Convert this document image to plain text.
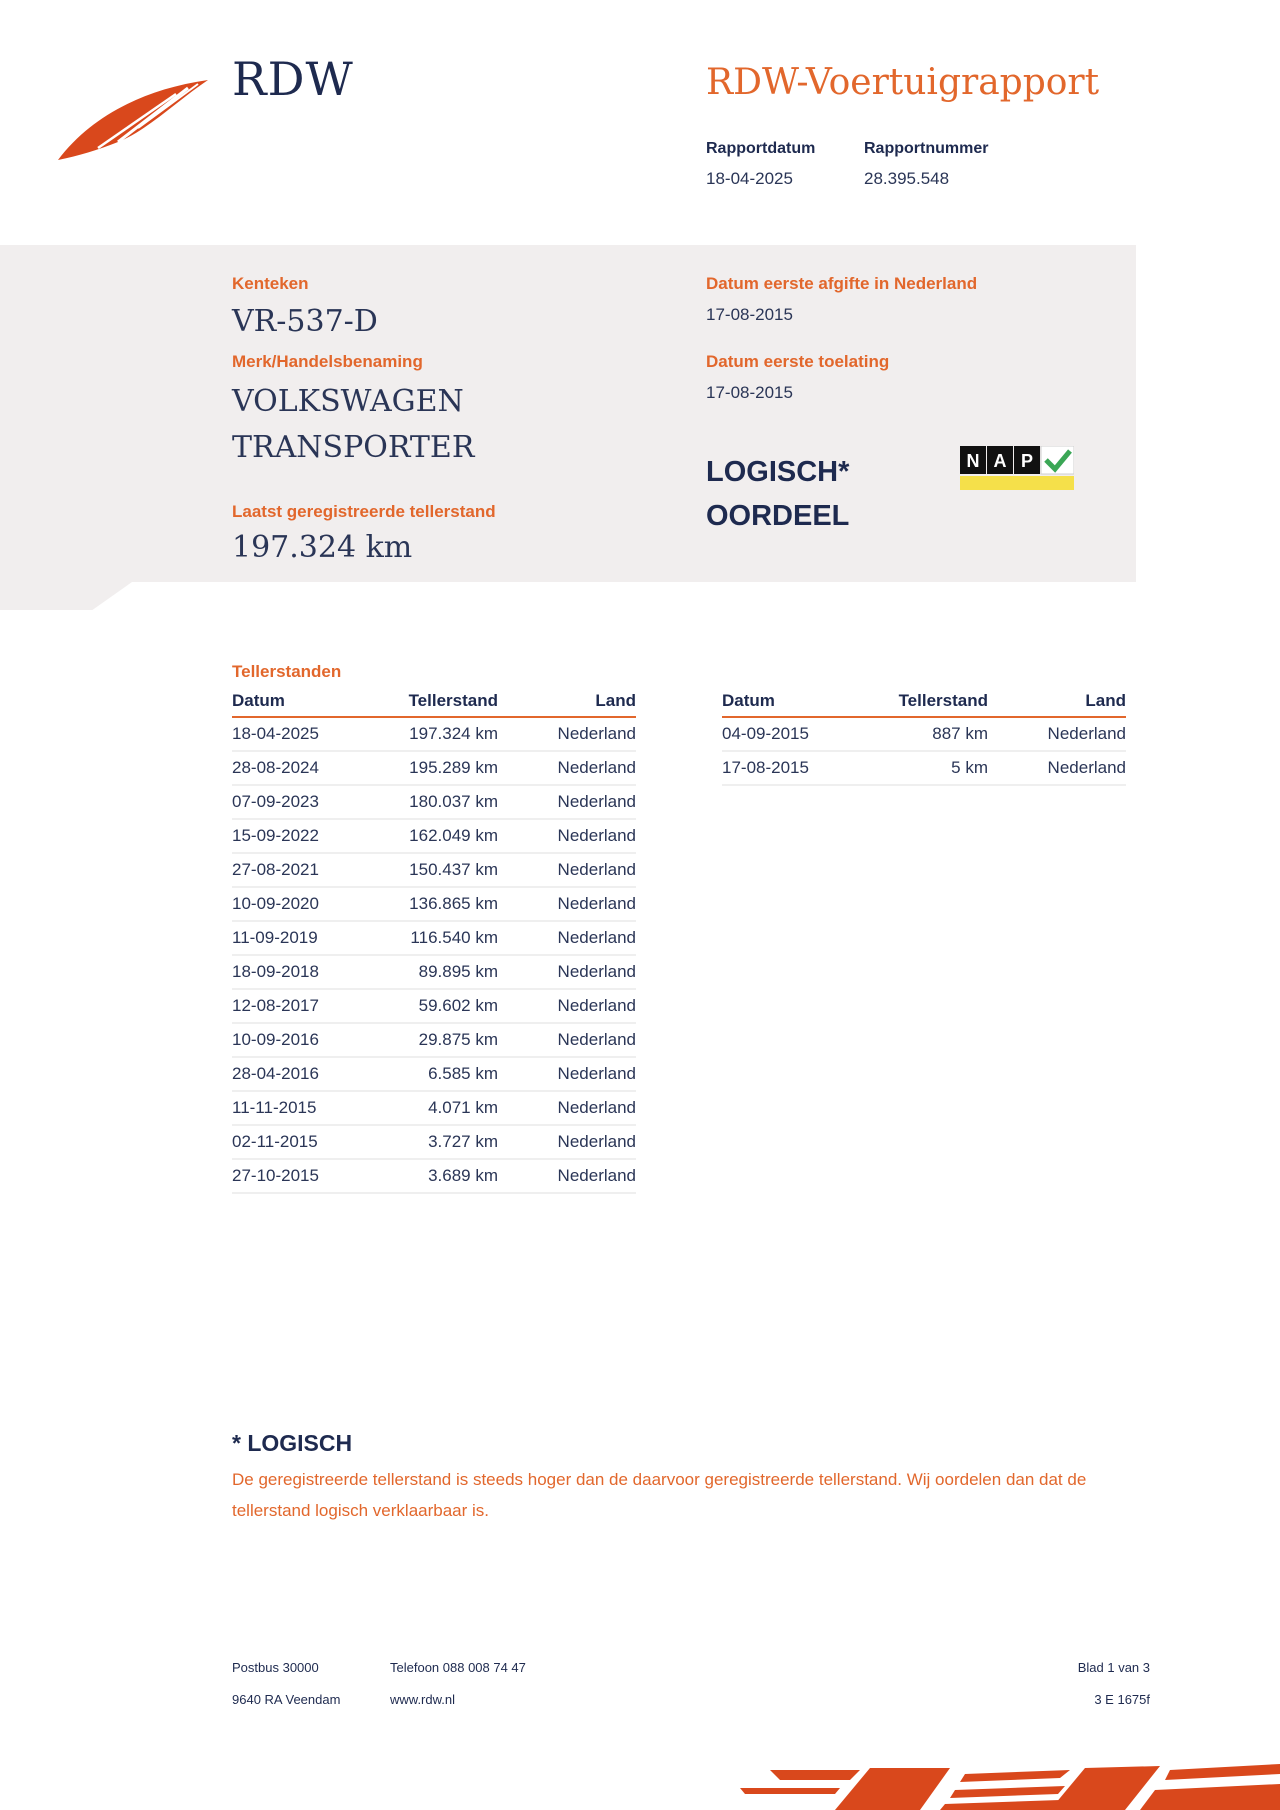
RDW	RDW-Voertuigrapport
Rapportdatum
18-04-2025
Rapportnummer
28.395.548
Kenteken
VR-537-D
Merk/Handelsbenaming
VOLKSWAGEN
TRANSPORTER
Laatst geregistreerde tellerstand
197.324 km
Datum eerste afgifte in Nederland
17-08-2015
Datum eerste toelating
17-08-2015
LOGISCH*
OORDEEL
N A P
Tellerstanden
Datum	Tellerstand	Land
18-04-2025	197.324 km	Nederland
28-08-2024	195.289 km	Nederland
07-09-2023	180.037 km	Nederland
15-09-2022	162.049 km	Nederland
27-08-2021	150.437 km	Nederland
10-09-2020	136.865 km	Nederland
11-09-2019	116.540 km	Nederland
18-09-2018	89.895 km	Nederland
12-08-2017	59.602 km	Nederland
10-09-2016	29.875 km	Nederland
28-04-2016	6.585 km	Nederland
11-11-2015	4.071 km	Nederland
02-11-2015	3.727 km	Nederland
27-10-2015	3.689 km	Nederland
Datum	Tellerstand	Land
04-09-2015	887 km	Nederland
17-08-2015	5 km	Nederland
* LOGISCH
De geregistreerde tellerstand is steeds hoger dan de daarvoor geregistreerde tellerstand. Wij oordelen dan dat de tellerstand logisch verklaarbaar is.
Postbus 30000
9640 RA Veendam
Telefoon 088 008 74 47
www.rdw.nl
Blad 1 van 3
3 E 1675f
